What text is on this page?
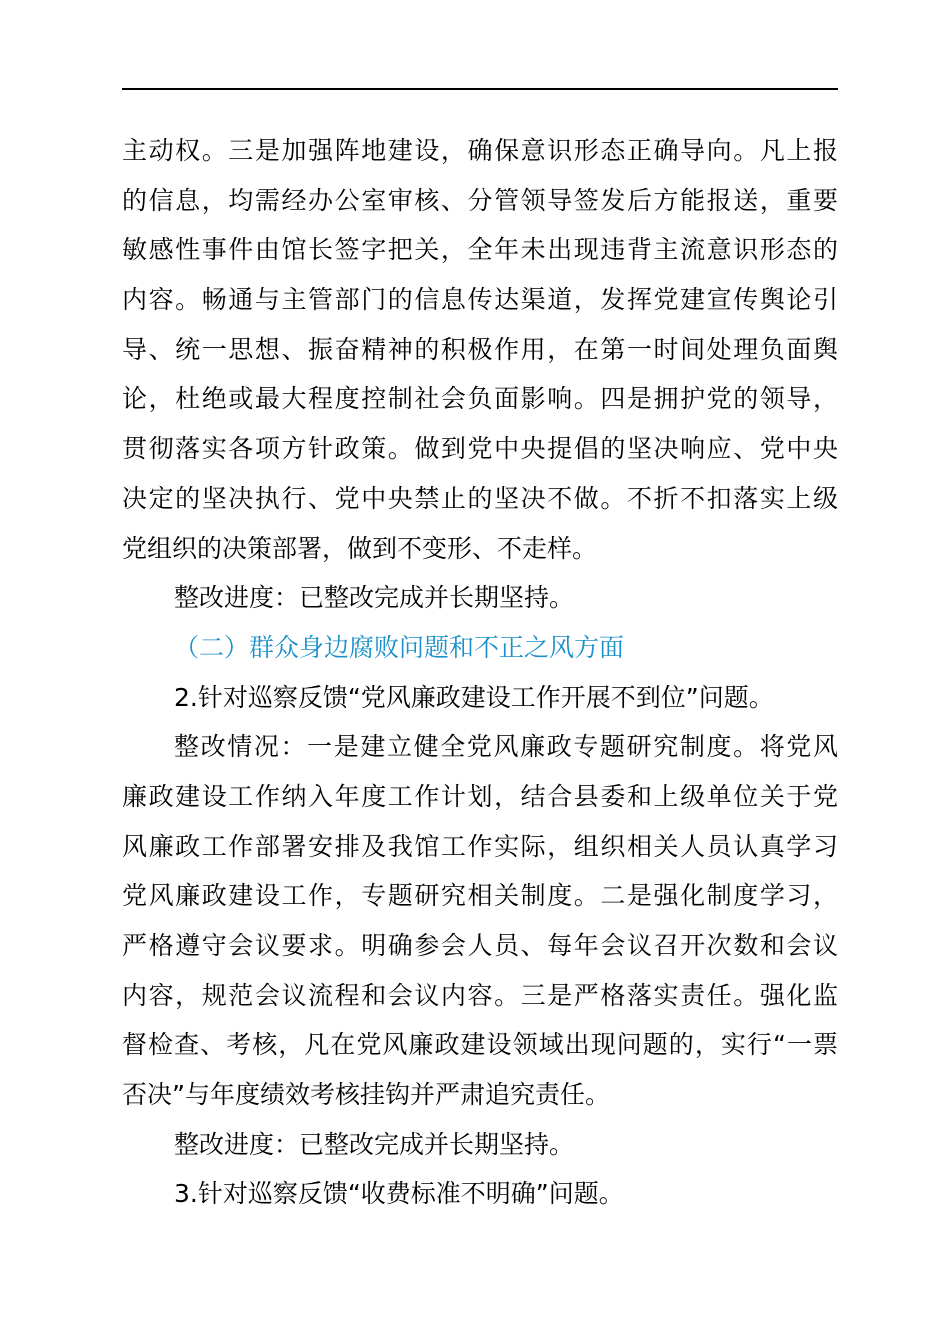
主动权。三是加强阵地建设，确保意识形态正确导向。凡上报
的信息，均需经办公室审核、分管领导签发后方能报送，重要
敏感性事件由馆长签字把关，全年未出现违背主流意识形态的
内容。畅通与主管部门的信息传达渠道，发挥党建宣传舆论引
导、统一思想、振奋精神的积极作用，在第一时间处理负面舆
论，杜绝或最大程度控制社会负面影响。四是拥护党的领导，
贯彻落实各项方针政策。做到党中央提倡的坚决响应、党中央
决定的坚决执行、党中央禁止的坚决不做。不折不扣落实上级
党组织的决策部署，做到不变形、不走样。
整改进度：已整改完成并长期坚持。
（二）群众身边腐败问题和不正之风方面
2.针对巡察反馈“党风廉政建设工作开展不到位”问题。
整改情况：一是建立健全党风廉政专题研究制度。将党风
廉政建设工作纳入年度工作计划，结合县委和上级单位关于党
风廉政工作部署安排及我馆工作实际，组织相关人员认真学习
党风廉政建设工作，专题研究相关制度。二是强化制度学习，
严格遵守会议要求。明确参会人员、每年会议召开次数和会议
内容，规范会议流程和会议内容。三是严格落实责任。强化监
督检查、考核，凡在党风廉政建设领域出现问题的，实行“一票
否决”与年度绩效考核挂钩并严肃追究责任。
整改进度：已整改完成并长期坚持。
3.针对巡察反馈“收费标准不明确”问题。
